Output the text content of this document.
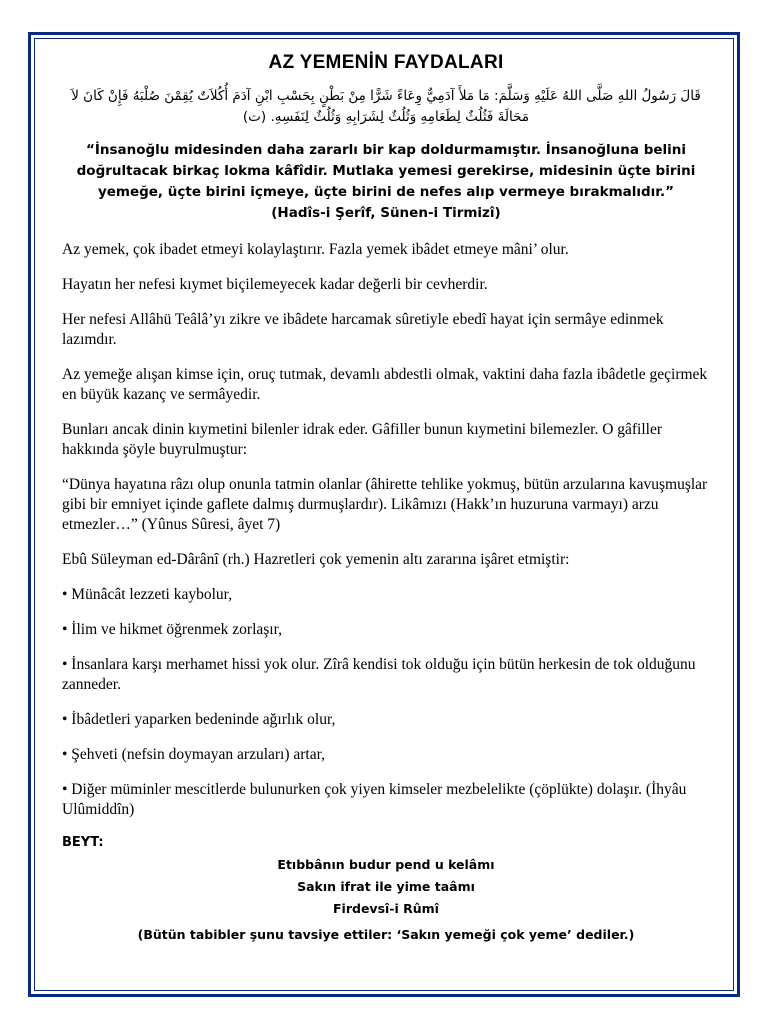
AZ YEMENİN FAYDALARI
قَالَ رَسُولُ اللهِ صَلَّى اللهُ عَلَيْهِ وَسَلَّمَ: مَا مَلأَ آدَمِيٌّ وِعَاءً شَرًّا مِنْ بَطْنٍ بِحَسْبِ ابْنِ آدَمَ أُكُلاَتٌ يُقِمْنَ صُلْبَهُ فَإِنْ كَانَ لاَ مَحَالَةَ فَثُلُثٌ لِطَعَامِهِ وَثُلُثٌ لِشَرَابِهِ وَثُلُثٌ لِنَفَسِهِ. (ت)
“İnsanoğlu midesinden daha zararlı bir kap doldurmamıştır. İnsanoğluna belini
doğrultacak birkaç lokma kâfîdir. Mutlaka yemesi gerekirse, midesinin üçte birini
yemeğe, üçte birini içmeye, üçte birini de nefes alıp vermeye bırakmalıdır.”
(Hadîs-i Şerîf, Sünen-i Tirmizî)

Az yemek, çok ibadet etmeyi kolaylaştırır. Fazla yemek ibâdet etmeye mâni’ olur.

Hayatın her nefesi kıymet biçilemeyecek kadar değerli bir cevherdir.

Her nefesi Allâhü Teâlâ’yı zikre ve ibâdete harcamak sûretiyle ebedî hayat için sermâye edinmek lazımdır.

Az yemeğe alışan kimse için, oruç tutmak, devamlı abdestli olmak, vaktini daha fazla ibâdetle geçirmek en büyük kazanç ve sermâyedir.

Bunları ancak dinin kıymetini bilenler idrak eder. Gâfiller bunun kıymetini bilemezler. O gâfiller hakkında şöyle buyrulmuştur:

“Dünya hayatına râzı olup onunla tatmin olanlar (âhirette tehlike yokmuş, bütün arzularına kavuşmuşlar gibi bir emniyet içinde gaflete dalmış durmuşlardır). Likâmızı (Hakk’ın huzuruna varmayı) arzu etmezler…” (Yûnus Sûresi, âyet 7)

Ebû Süleyman ed-Dârânî (rh.) Hazretleri çok yemenin altı zararına işâret etmiştir:

• Münâcât lezzeti kaybolur,

• İlim ve hikmet öğrenmek zorlaşır,

• İnsanlara karşı merhamet hissi yok olur. Zîrâ kendisi tok olduğu için bütün herkesin de tok olduğunu zanneder.

• İbâdetleri yaparken bedeninde ağırlık olur,

• Şehveti (nefsin doymayan arzuları) artar,

• Diğer müminler mescitlerde bulunurken çok yiyen kimseler mezbelelikte (çöplükte) dolaşır. (İhyâu Ulûmiddîn)

BEYT:
Etıbbânın budur pend u kelâmı
Sakın ifrat ile yime taâmı
Firdevsî-i Rûmî
(Bütün tabibler şunu tavsiye ettiler: ‘Sakın yemeği çok yeme’ dediler.)
